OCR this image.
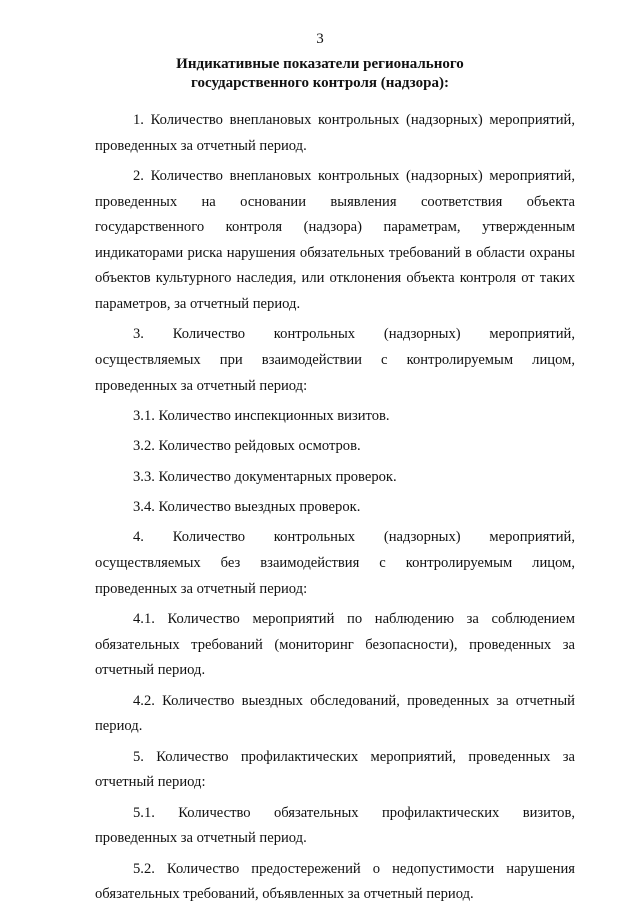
3
Индикативные показатели регионального
государственного контроля (надзора):

1. Количество внеплановых контрольных (надзорных) мероприятий, проведенных за отчетный период.

2. Количество внеплановых контрольных (надзорных) мероприятий, проведенных на основании выявления соответствия объекта государственного контроля (надзора) параметрам, утвержденным индикаторами риска нарушения обязательных требований в области охраны объектов культурного наследия, или отклонения объекта контроля от таких параметров, за отчетный период.

3. Количество контрольных (надзорных) мероприятий, осуществляемых при взаимодействии с контролируемым лицом, проведенных за отчетный период:

3.1. Количество инспекционных визитов.

3.2. Количество рейдовых осмотров.

3.3. Количество документарных проверок.

3.4. Количество выездных проверок.

4. Количество контрольных (надзорных) мероприятий, осуществляемых без взаимодействия с контролируемым лицом, проведенных за отчетный период:

4.1. Количество мероприятий по наблюдению за соблюдением обязательных требований (мониторинг безопасности), проведенных за отчетный период.

4.2. Количество выездных обследований, проведенных за отчетный период.

5. Количество профилактических мероприятий, проведенных за отчетный период:

5.1. Количество обязательных профилактических визитов, проведенных за отчетный период.

5.2. Количество предостережений о недопустимости нарушения обязательных требований, объявленных за отчетный период.
